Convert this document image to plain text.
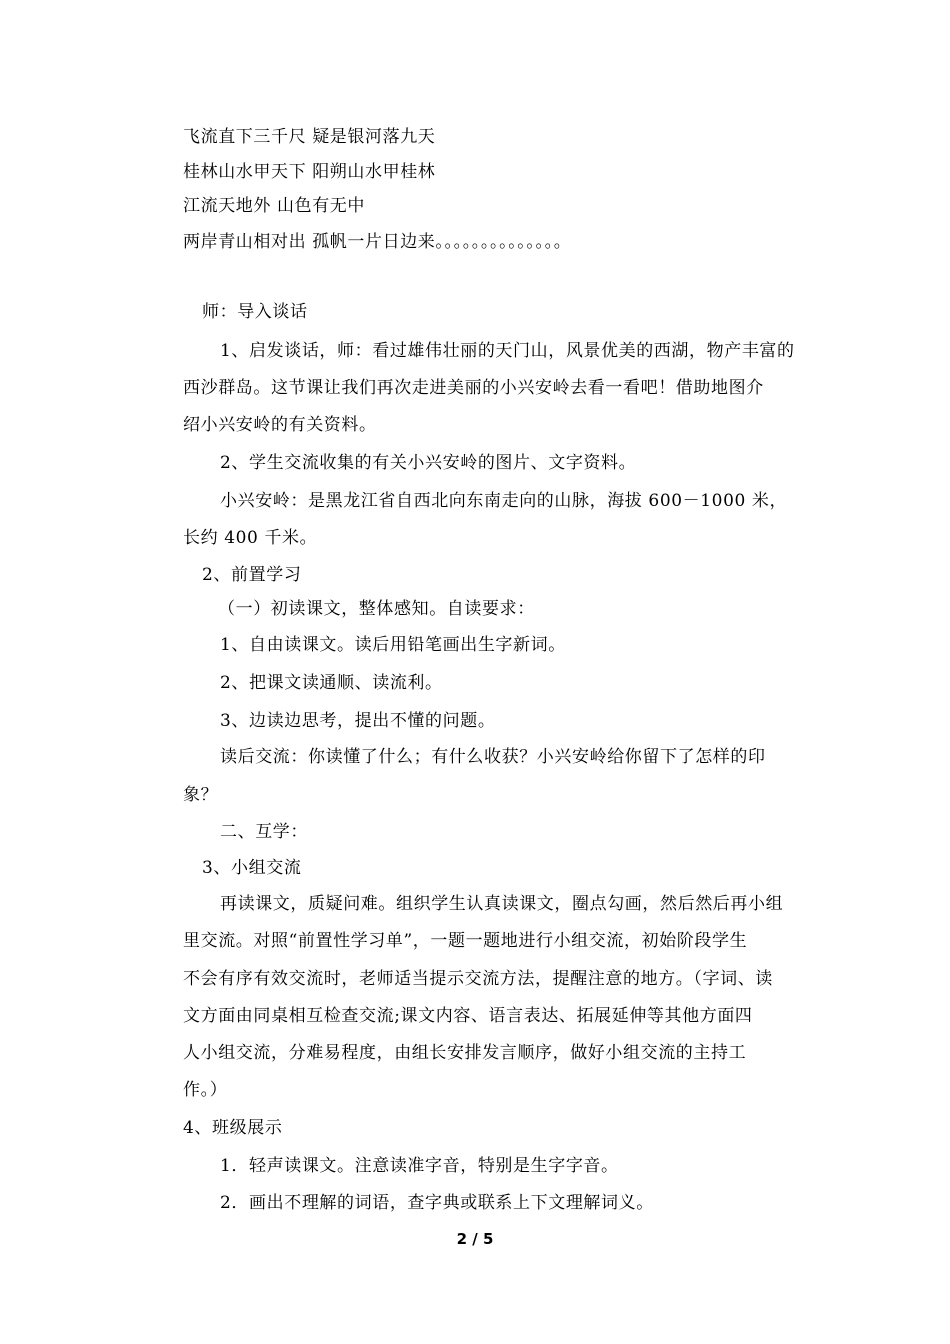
飞流直下三千尺 疑是银河落九天
桂林山水甲天下 阳朔山水甲桂林
江流天地外 山色有无中
两岸青山相对出 孤帆一片日边来。。。。。。。。。。。。。。
师：导入谈话
1、启发谈话，师：看过雄伟壮丽的天门山，风景优美的西湖，物产丰富的
西沙群岛。这节课让我们再次走进美丽的小兴安岭去看一看吧！借助地图介
绍小兴安岭的有关资料。
2、学生交流收集的有关小兴安岭的图片、文字资料。
小兴安岭：是黑龙江省自西北向东南走向的山脉，海拔 600－1000 米，
长约 400 千米。
2、前置学习
（一）初读课文，整体感知。自读要求：
1、自由读课文。读后用铅笔画出生字新词。
2、把课文读通顺、读流利。
3、边读边思考，提出不懂的问题。
读后交流：你读懂了什么；有什么收获？小兴安岭给你留下了怎样的印
象？
二、互学：
3、小组交流
再读课文，质疑问难。组织学生认真读课文，圈点勾画，然后然后再小组
里交流。对照“前置性学习单”，一题一题地进行小组交流，初始阶段学生
不会有序有效交流时，老师适当提示交流方法，提醒注意的地方。（字词、读
文方面由同桌相互检查交流;课文内容、语言表达、拓展延伸等其他方面四
人小组交流，分难易程度，由组长安排发言顺序，做好小组交流的主持工
作。）
4、班级展示
1．轻声读课文。注意读准字音，特别是生字字音。
2．画出不理解的词语，查字典或联系上下文理解词义。
2 / 5
